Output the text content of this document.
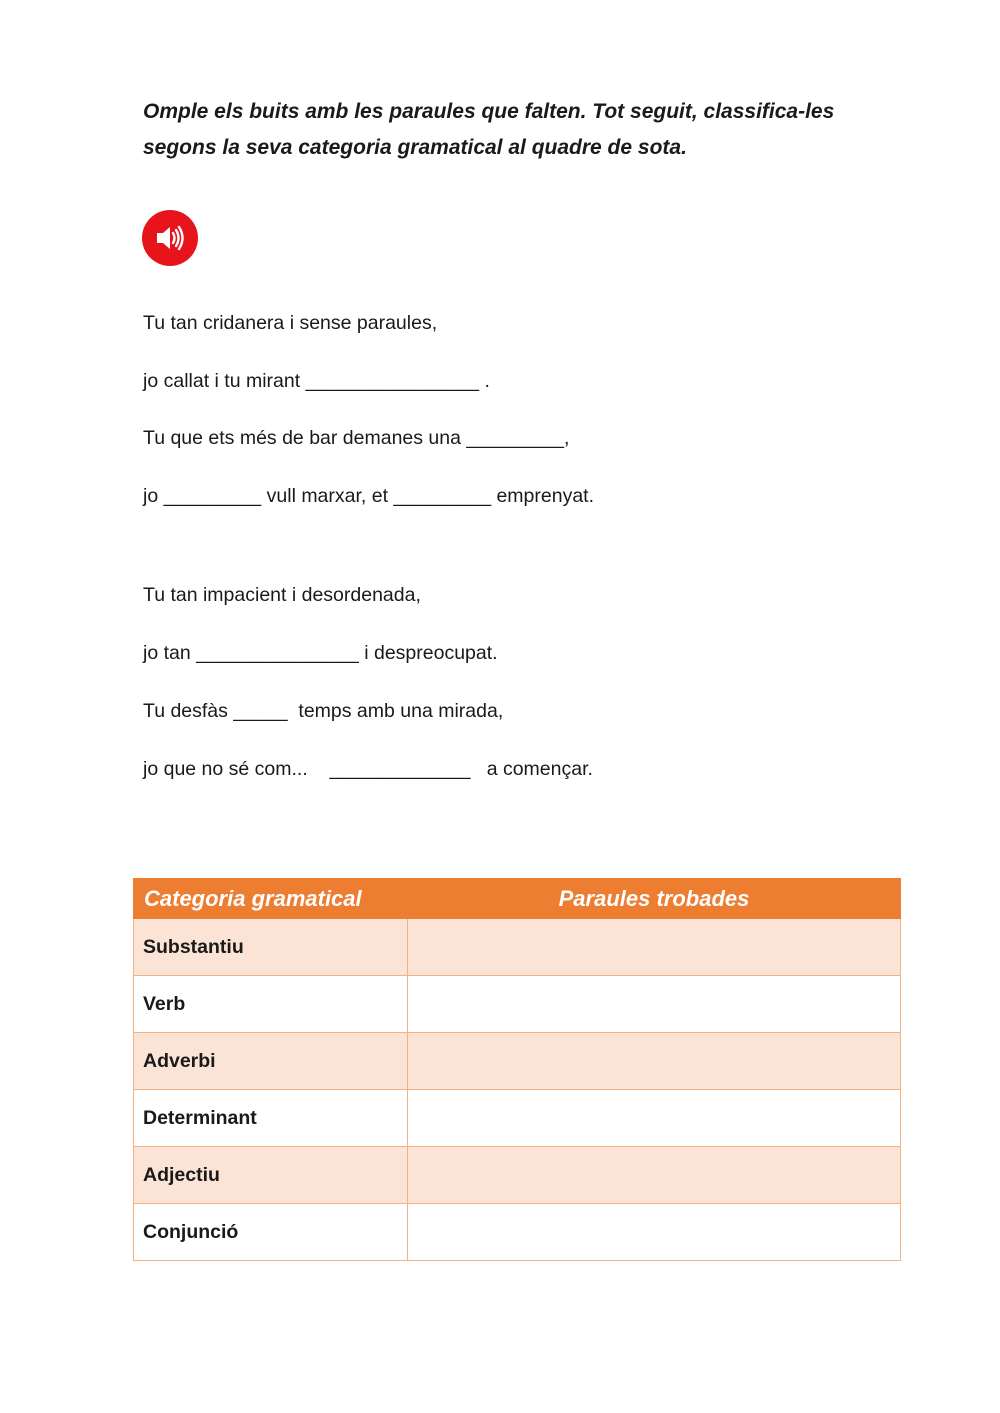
Omple els buits amb les paraules que falten. Tot seguit, classifica-les segons la seva categoria gramatical al quadre de sota.

Tu tan cridanera i sense paraules,

jo callat i tu mirant ________________ .

Tu que ets més de bar demanes una _________,

jo _________ vull marxar, et _________ emprenyat.

Tu tan impacient i desordenada,

jo tan _______________ i despreocupat.

Tu desfàs _____  temps amb una mirada,

jo que no sé com...    _____________   a començar.

Categoria gramatical	Paraules trobades
Substantiu	
Verb	
Adverbi	
Determinant	
Adjectiu	
Conjunció	
